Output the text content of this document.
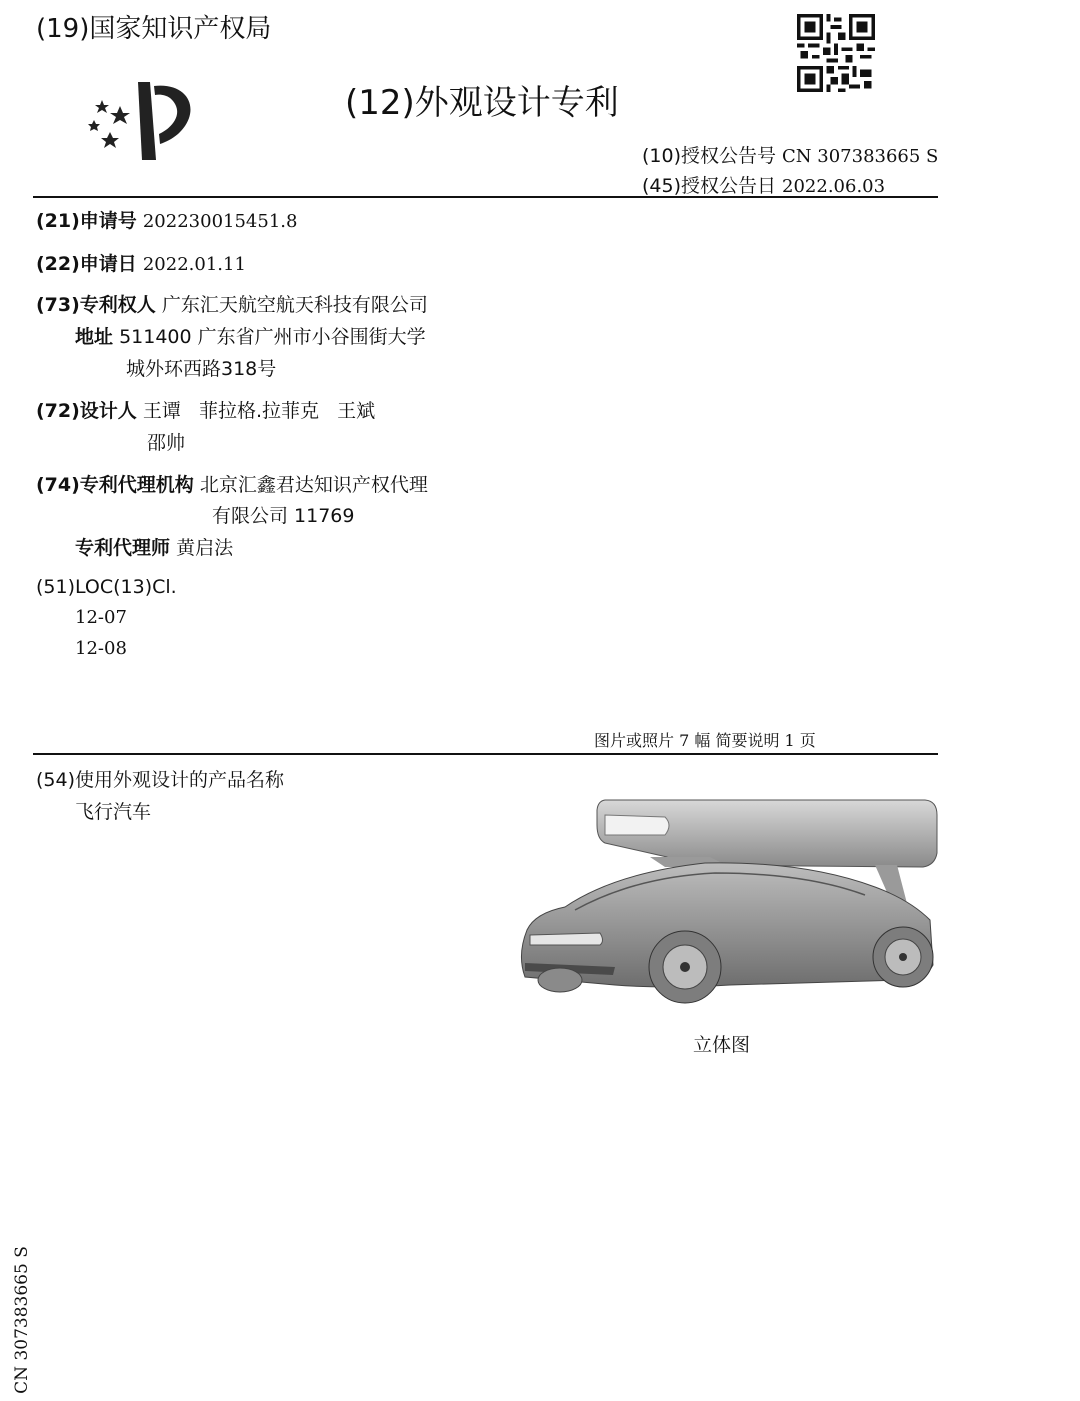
(19)国家知识产权局
(12)外观设计专利
(10)授权公告号 CN 307383665 S
(45)授权公告日 2022.06.03
(21)申请号 202230015451.8
(22)申请日 2022.01.11
(73)专利权人 广东汇天航空航天科技有限公司
地址 511400 广东省广州市小谷围街大学
城外环西路318号
(72)设计人 王谭   菲拉格.拉菲克   王斌
邵帅
(74)专利代理机构 北京汇鑫君达知识产权代理
有限公司 11769
专利代理师 黄启法
(51)LOC(13)Cl.
12-07
12-08
图片或照片 7 幅 简要说明 1 页
(54)使用外观设计的产品名称
飞行汽车
立体图
CN 307383665 S
